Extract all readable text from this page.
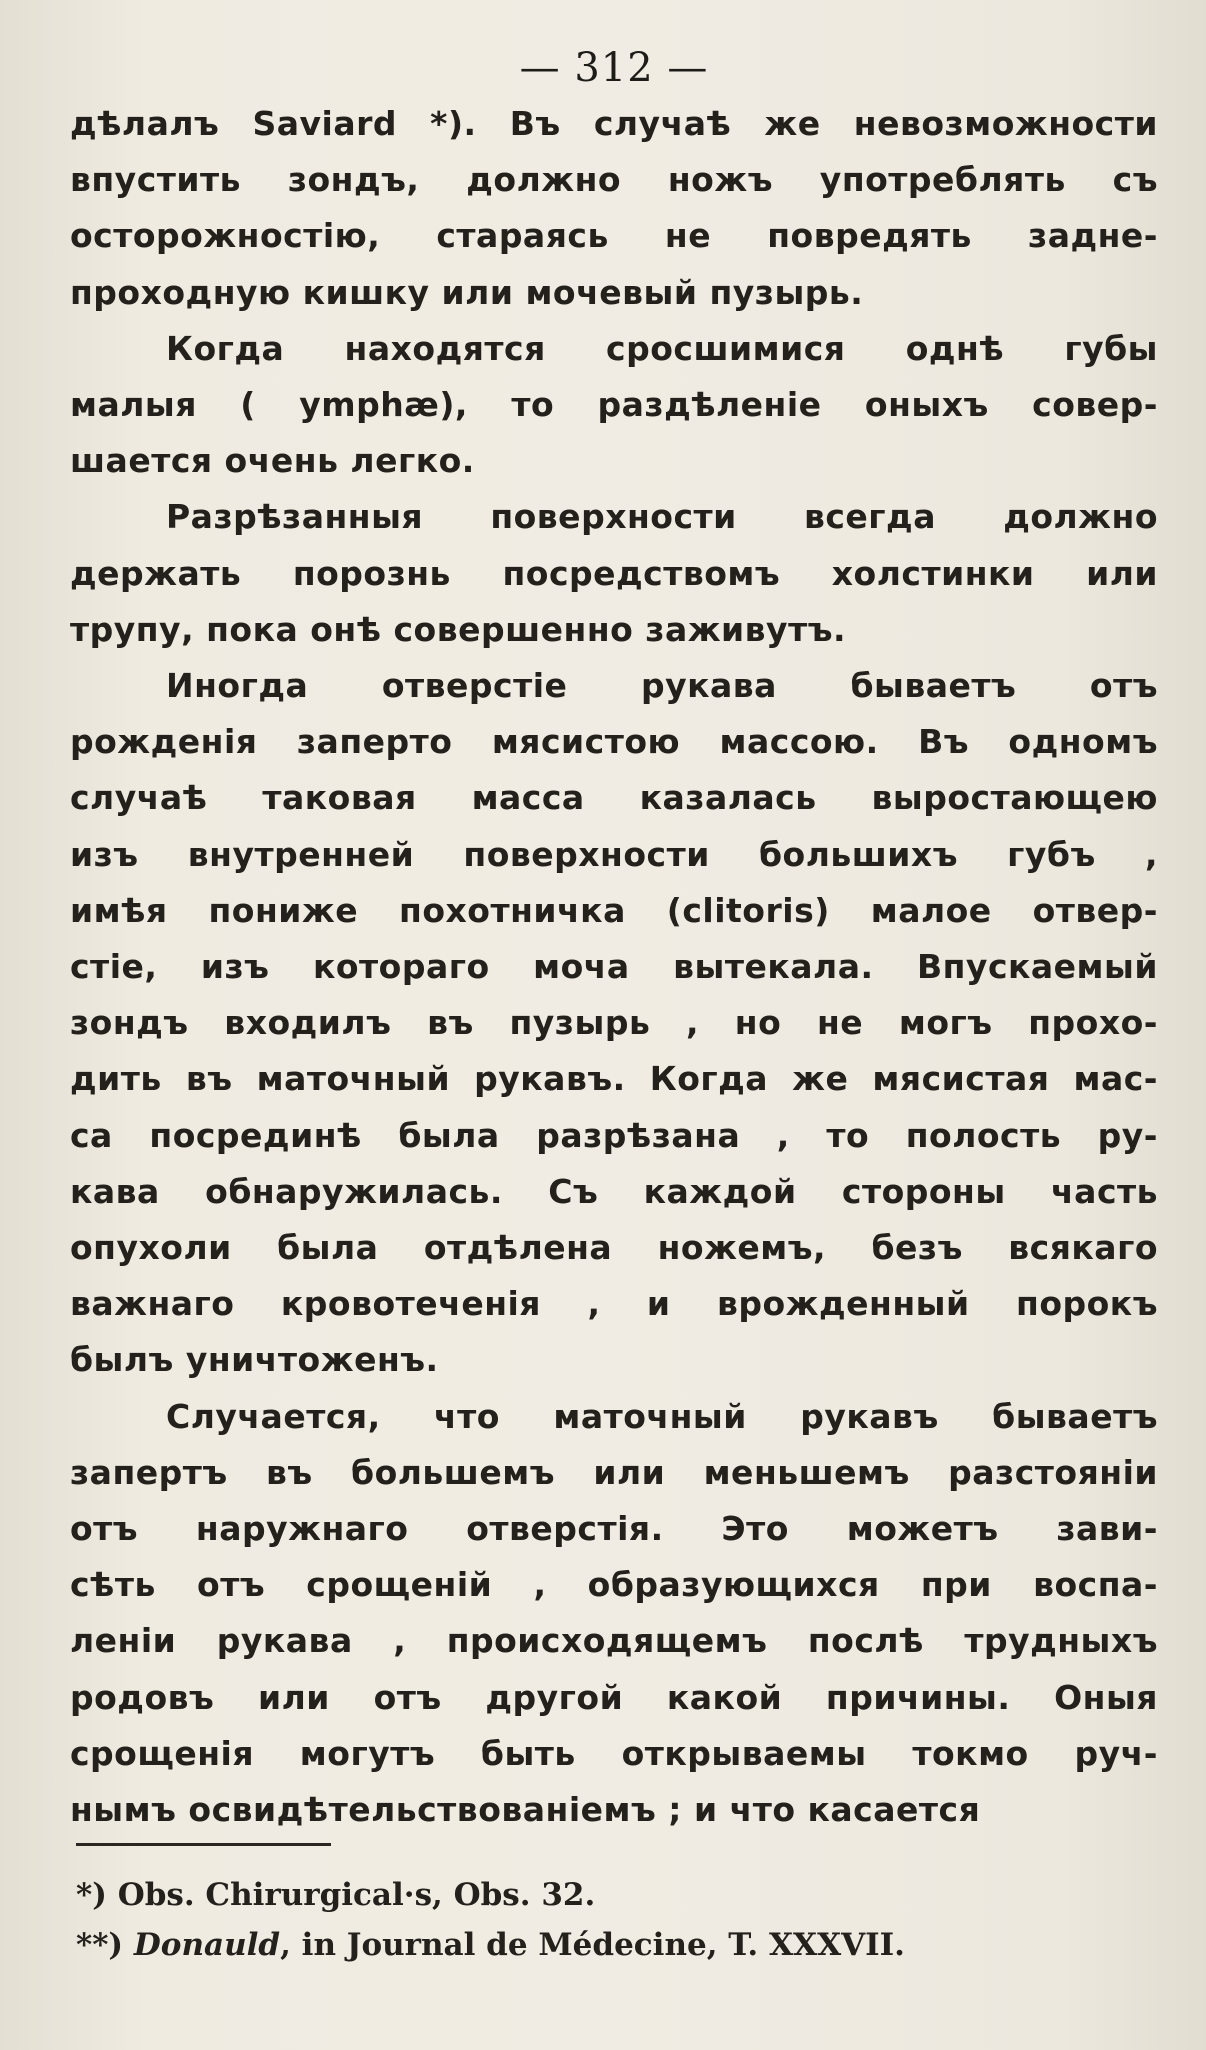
— 312 —
дѣлалъ Saviard *). Въ случаѣ же невозможности
впустить зондъ, должно ножъ употреблять съ
осторожностію, стараясь не повредять задне-
проходную кишку или мочевый пузырь.
Когда находятся сросшимися однѣ губы
малыя ( ymphæ), то раздѣленіе оныхъ совер-
шается очень легко.
Разрѣзанныя поверхности всегда должно
держать порознь посредствомъ холстинки или
трупу, пока онѣ совершенно заживутъ.
Иногда отверстіе рукава бываетъ отъ
рожденія заперто мясистою массою. Въ одномъ
случаѣ таковая масса казалась выростающею
изъ внутренней поверхности большихъ губъ ,
имѣя пониже похотничка (clitoris) малое отвер-
стіе, изъ котораго моча вытекала. Впускаемый
зондъ входилъ въ пузырь , но не могъ прохо-
дить въ маточный рукавъ. Когда же мясистая мас-
са посрединѣ была разрѣзана , то полость ру-
кава обнаружилась. Съ каждой стороны часть
опухоли была отдѣлена ножемъ, безъ всякаго
важнаго кровотеченія , и врожденный порокъ
былъ уничтоженъ.
Случается, что маточный рукавъ бываетъ
запертъ въ большемъ или меньшемъ разстояніи
отъ наружнаго отверстія. Это можетъ зави-
сѣть отъ срощеній , образующихся при воспа-
леніи рукава , происходящемъ послѣ трудныхъ
родовъ или отъ другой какой причины. Оныя
срощенія могутъ быть открываемы токмо руч-
нымъ освидѣтельствованіемъ ; и что касается
*) Obs. Chirurgical·s, Obs. 32.
**) Donauld, in Journal de Médecine, T. XXXVII.
